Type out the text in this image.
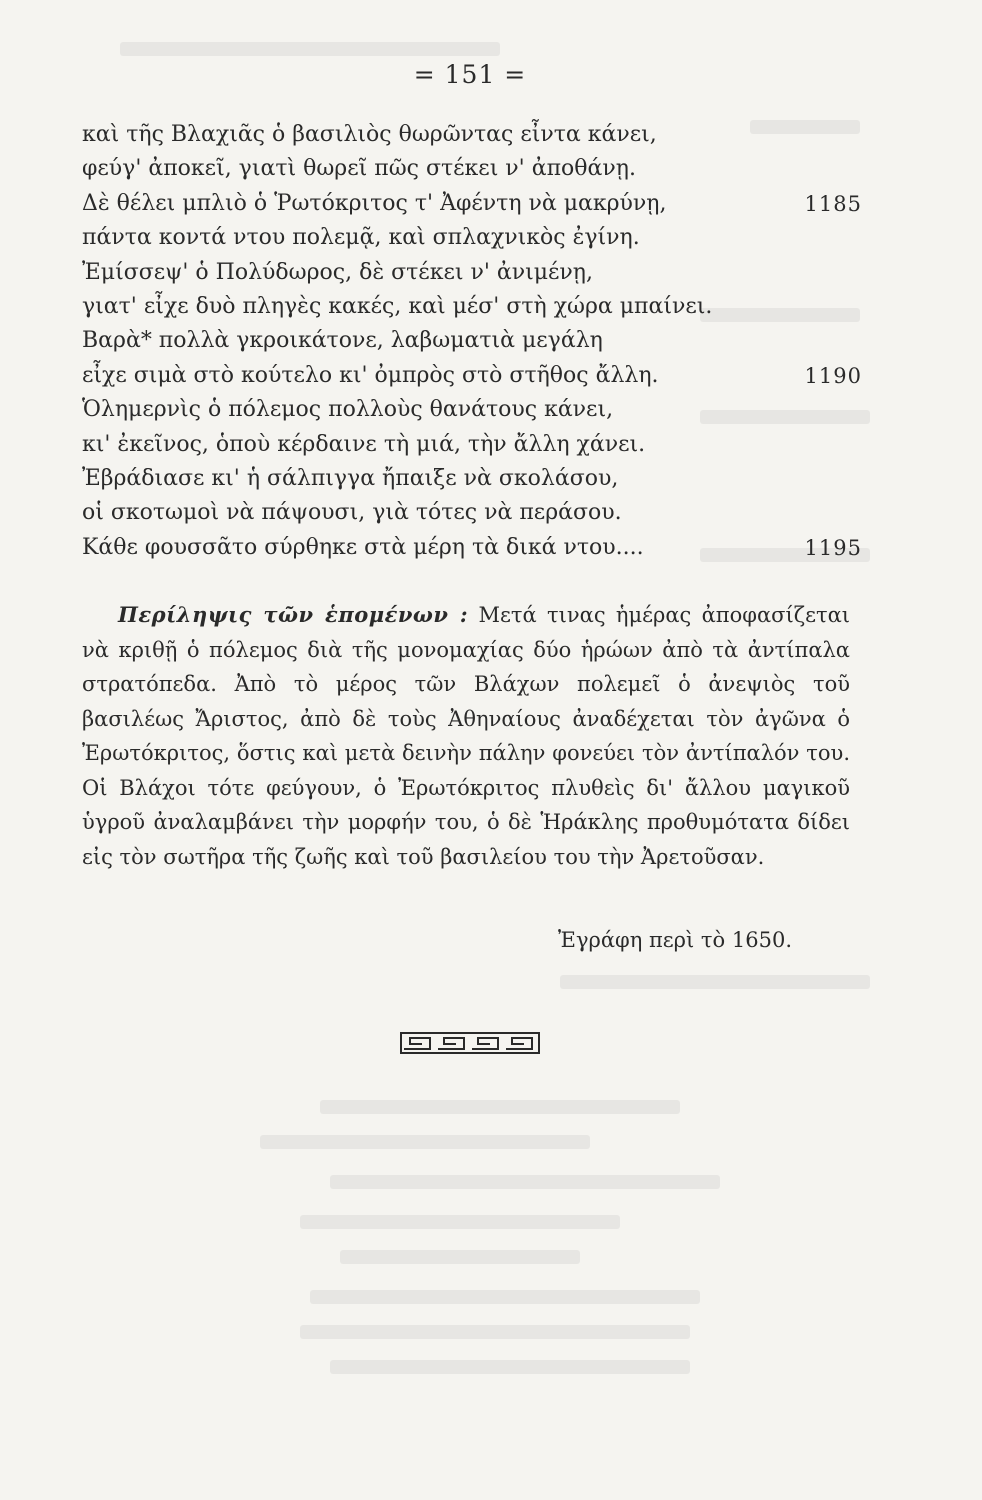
= 151 =
καὶ τῆς Βλαχιᾶς ὁ βασιλιὸς θωρῶντας εἶντα κάνει,
φεύγ' ἀποκεῖ, γιατὶ θωρεῖ πῶς στέκει ν' ἀποθάνῃ.
Δὲ θέλει μπλιὸ ὁ Ῥωτόκριτος τ' Ἀφέντη νὰ μακρύνῃ,	1185
πάντα κοντά ντου πολεμᾷ, καὶ σπλαχνικὸς ἐγίνη.
Ἐμίσσεψ' ὁ Πολύδωρος, δὲ στέκει ν' ἀνιμένῃ,
γιατ' εἶχε δυὸ πληγὲς κακές, καὶ μέσ' στὴ χώρα μπαίνει.
Βαρὰ* πολλὰ γκροικάτονε, λαβωματιὰ μεγάλη
εἶχε σιμὰ στὸ κούτελο κι' ὀμπρὸς στὸ στῆθος ἄλλη.	1190
Ὁλημερνὶς ὁ πόλεμος πολλοὺς θανάτους κάνει,
κι' ἐκεῖνος, ὁποὺ κέρδαινε τὴ μιά, τὴν ἄλλη χάνει.
Ἐβράδιασε κι' ἡ σάλπιγγα ἤπαιξε νὰ σκολάσου,
οἱ σκοτωμοὶ νὰ πάψουσι, γιὰ τότες νὰ περάσου.
Κάθε φουσσᾶτο σύρθηκε στὰ μέρη τὰ δικά ντου....	1195

Περίληψις τῶν ἑπομένων : Μετά τινας ἡμέρας ἀποφασίζεται νὰ κριθῇ ὁ πόλεμος διὰ τῆς μονομαχίας δύο ἡρώων ἀπὸ τὰ ἀντίπαλα στρατόπεδα. Ἀπὸ τὸ μέρος τῶν Βλάχων πολεμεῖ ὁ ἀνεψιὸς τοῦ βασιλέως Ἄριστος, ἀπὸ δὲ τοὺς Ἀθηναίους ἀναδέχεται τὸν ἀγῶνα ὁ Ἐρωτόκριτος, ὅστις καὶ μετὰ δεινὴν πάλην φονεύει τὸν ἀντίπαλόν του. Οἱ Βλάχοι τότε φεύγουν, ὁ Ἐρωτόκριτος πλυθεὶς δι' ἄλλου μαγικοῦ ὑγροῦ ἀναλαμβάνει τὴν μορφήν του, ὁ δὲ Ἡράκλης προθυμότατα δίδει εἰς τὸν σωτῆρα τῆς ζωῆς καὶ τοῦ βασιλείου του τὴν Ἀρετοῦσαν.

Ἐγράφη περὶ τὸ 1650.
